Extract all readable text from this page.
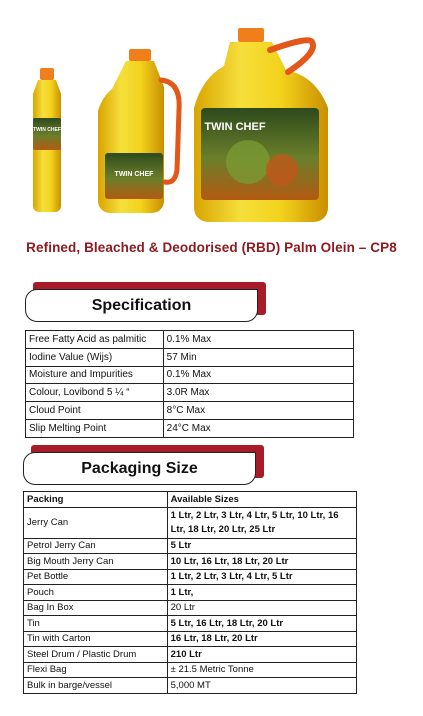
TWIN CHEF
TWIN CHEF
TWIN CHEF
Refined, Bleached & Deodorised (RBD) Palm Olein – CP8
Specification
Free Fatty Acid as palmitic	0.1% Max
Iodine Value (Wijs)	57 Min
Moisture and Impurities	0.1% Max
Colour, Lovibond 5 ¼ “	3.0R Max
Cloud Point	8°C Max
Slip Melting Point	24°C Max
Packaging Size
Packing	Available Sizes
Jerry Can	1 Ltr, 2 Ltr, 3 Ltr, 4 Ltr, 5 Ltr, 10 Ltr, 16 Ltr, 18 Ltr, 20 Ltr, 25 Ltr
Petrol Jerry Can	5 Ltr
Big Mouth Jerry Can	10 Ltr, 16 Ltr, 18 Ltr, 20 Ltr
Pet Bottle	1 Ltr, 2 Ltr, 3 Ltr, 4 Ltr, 5 Ltr
Pouch	1 Ltr,
Bag In Box	20 Ltr
Tin	5 Ltr, 16 Ltr, 18 Ltr, 20 Ltr
Tin with Carton	16 Ltr, 18 Ltr, 20 Ltr
Steel Drum / Plastic Drum	210 Ltr
Flexi Bag	± 21.5 Metric Tonne
Bulk in barge/vessel	5,000 MT
